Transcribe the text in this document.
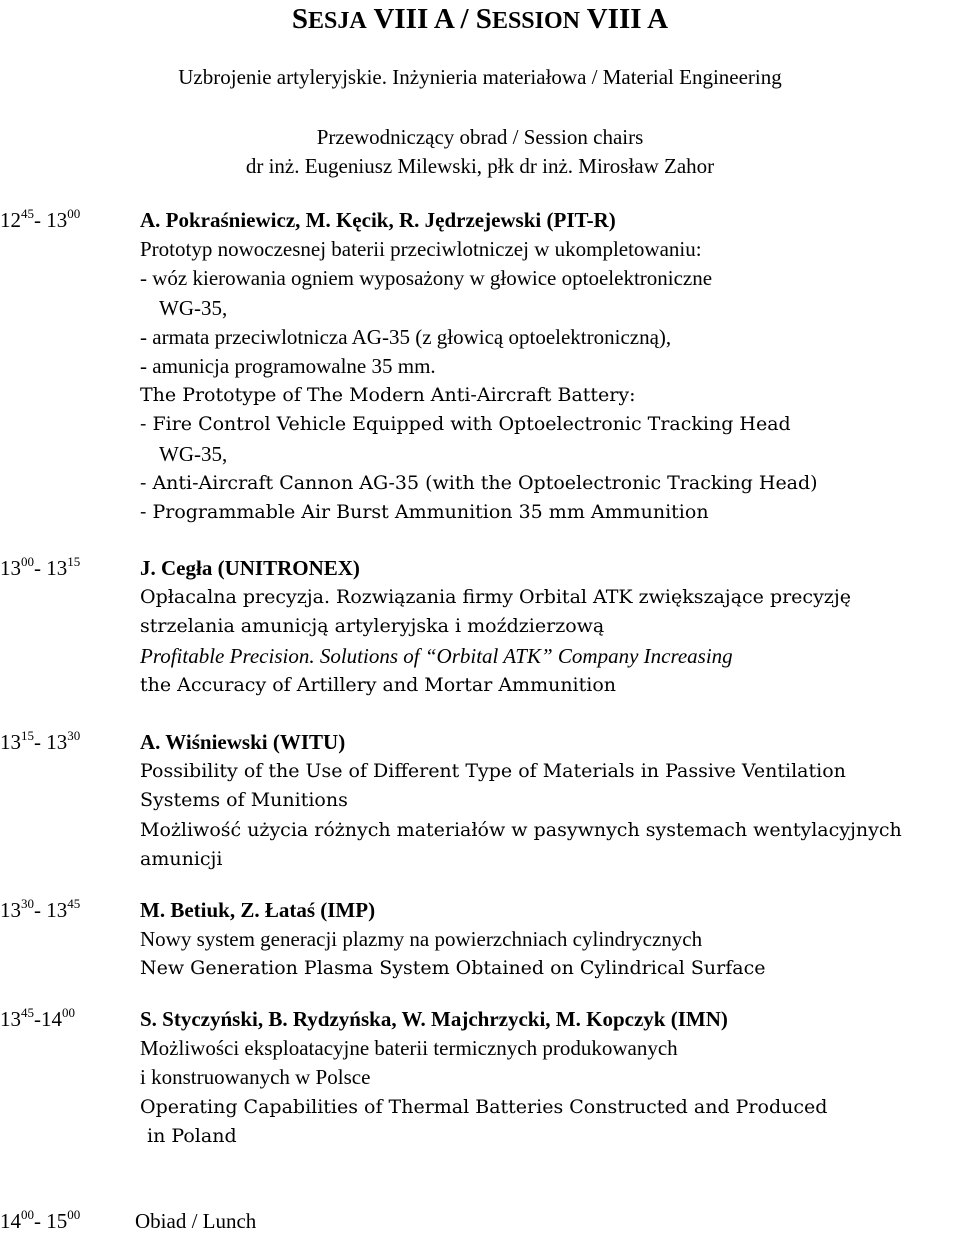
SESJA VIII A / SESSION VIII A
Uzbrojenie artyleryjskie. Inżynieria materiałowa / Material Engineering
Przewodniczący obrad / Session chairs
dr inż. Eugeniusz Milewski, płk dr inż. Mirosław Zahor
$12^{45}-$ $13^{00}$	A. Pokraśniewicz, M. Kęcik, R. Jędrzejewski (PIT-R)
Prototyp nowoczesnej baterii przeciwlotniczej w ukompletowaniu:
- wóz kierowania ogniem wyposażony w głowice optoelektroniczne
WG-35,
- armata przeciwlotnicza AG-35 (z głowicą optoelektroniczną),
- amunicja programowalne 35 mm.
The Prototype of The Modern Anti-Aircraft Battery:
- Fire Control Vehicle Equipped with Optoelectronic Tracking Head
WG-35,
- Anti-Aircraft Cannon AG-35 (with the Optoelectronic Tracking Head)
- Programmable Air Burst Ammunition 35 mm Ammunition
$13^{00}-$ $13^{15}$	J. Cegła (UNITRONEX)
Opłacalna precyzja. Rozwiązania firmy Orbital ATK zwiększające precyzję
strzelania amunicją artyleryjska i moździerzową
Profitable Precision. Solutions of “Orbital ATK” Company Increasing
the Accuracy of Artillery and Mortar Ammunition
$13^{15}-$ $13^{30}$	A. Wiśniewski (WITU)
Possibility of the Use of Different Type of Materials in Passive Ventilation
Systems of Munitions
Możliwość użycia różnych materiałów w pasywnych systemach wentylacyjnych
amunicji
$13^{30}-$ $13^{45}$	M. Betiuk, Z. Łataś (IMP)
Nowy system generacji plazmy na powierzchniach cylindrycznych
New Generation Plasma System Obtained on Cylindrical Surface
$13^{45}-14^{00}$	S. Styczyński, B. Rydzyńska, W. Majchrzycki, M. Kopczyk (IMN)
Możliwości eksploatacyjne baterii termicznych produkowanych
i konstruowanych w Polsce
Operating Capabilities of Thermal Batteries Constructed and Produced
in Poland
$14^{00}-$ $15^{00}$	Obiad / Lunch
